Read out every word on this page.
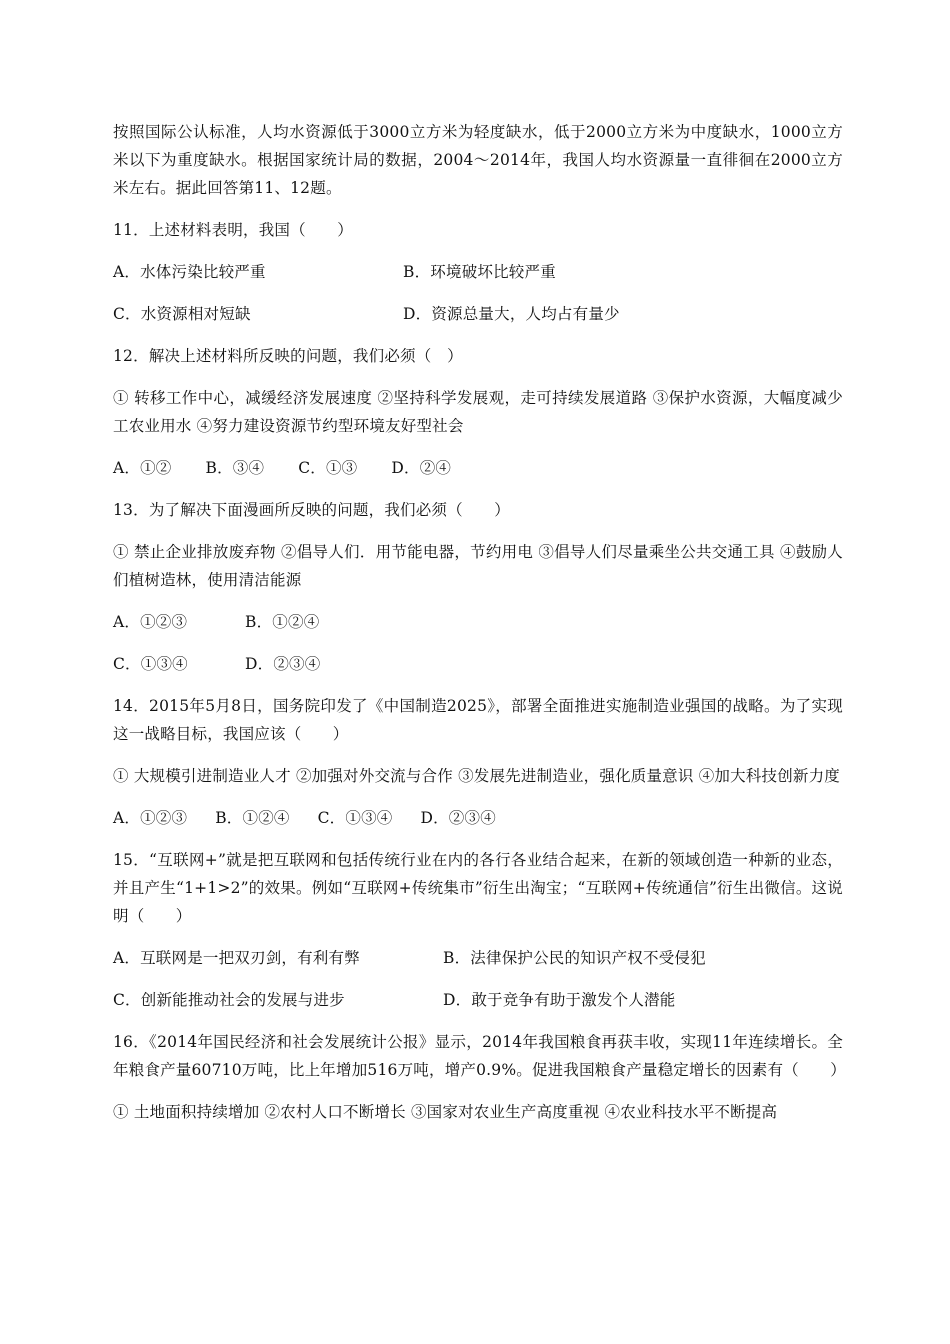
按照国际公认标准，人均水资源低于3000立方米为轻度缺水，低于2000立方米为中度缺水，1000立方米以下为重度缺水。根据国家统计局的数据，2004～2014年，我国人均水资源量一直徘徊在2000立方米左右。据此回答第11、12题。

11．上述材料表明，我国（　　）

A．水体污染比较严重	B．环境破坏比较严重
C．水资源相对短缺	D．资源总量大，人均占有量少

12．解决上述材料所反映的问题，我们必须（　）

① 转移工作中心，减缓经济发展速度 ②坚持科学发展观，走可持续发展道路 ③保护水资源，大幅度减少工农业用水 ④努力建设资源节约型环境友好型社会

A．①② B．③④ C．①③ D．②④

13．为了解决下面漫画所反映的问题，我们必须（　　）

① 禁止企业排放废弃物 ②倡导人们．用节能电器，节约用电 ③倡导人们尽量乘坐公共交通工具 ④鼓励人们植树造林，使用清洁能源

A．①②③	B．①②④
C．①③④	D．②③④

14．2015年5月8日，国务院印发了《中国制造2025》，部署全面推进实施制造业强国的战略。为了实现这一战略目标，我国应该（　　）

① 大规模引进制造业人才 ②加强对外交流与合作 ③发展先进制造业，强化质量意识 ④加大科技创新力度

A．①②③ B．①②④ C．①③④ D．②③④

15．“互联网+”就是把互联网和包括传统行业在内的各行各业结合起来，在新的领域创造一种新的业态，并且产生“1+1>2”的效果。例如“互联网+传统集市”衍生出淘宝；“互联网+传统通信”衍生出微信。这说明（　　）

A．互联网是一把双刃剑，有利有弊	B．法律保护公民的知识产权不受侵犯
C．创新能推动社会的发展与进步	D．敢于竞争有助于激发个人潜能

16．《2014年国民经济和社会发展统计公报》显示，2014年我国粮食再获丰收，实现11年连续增长。全年粮食产量60710万吨，比上年增加516万吨，增产0.9%。促进我国粮食产量稳定增长的因素有（　　）

① 土地面积持续增加 ②农村人口不断增长 ③国家对农业生产高度重视 ④农业科技水平不断提高
